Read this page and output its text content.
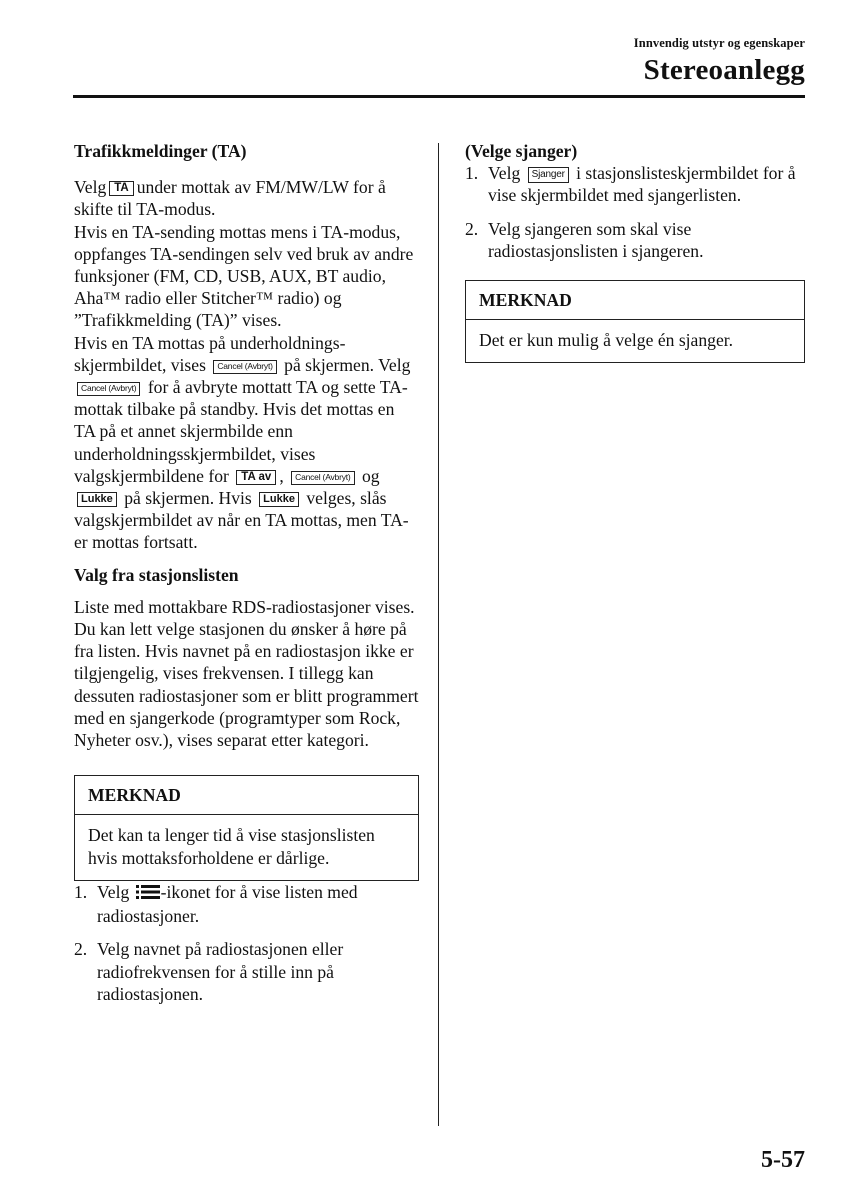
Innvendig utstyr og egenskaper
Stereoanlegg
Trafikkmeldinger (TA)

Velg TA under mottak av FM/MW/LW for å skifte til TA-modus.

Hvis en TA-sending mottas mens i TA-modus, oppfanges TA-sendingen selv ved bruk av andre funksjoner (FM, CD, USB, AUX, BT audio, Aha™ radio eller Stitcher™ radio) og ”Trafikkmelding (TA)” vises.

Hvis en TA mottas på underholdnings-skjermbildet, vises Cancel (Avbryt) på skjermen. Velg Cancel (Avbryt) for å avbryte mottatt TA og sette TA-mottak tilbake på standby. Hvis det mottas en TA på et annet skjermbilde enn underholdningsskjermbildet, vises valgskjermbildene for TA av , Cancel (Avbryt) og Lukke på skjermen. Hvis Lukke velges, slås valgskjermbildet av når en TA mottas, men TA-er mottas fortsatt.

Valg fra stasjonslisten

Liste med mottakbare RDS-radiostasjoner vises. Du kan lett velge stasjonen du ønsker å høre på fra listen. Hvis navnet på en radiostasjon ikke er tilgjengelig, vises frekvensen. I tillegg kan dessuten radiostasjoner som er blitt programmert med en sjangerkode (programtyper som Rock, Nyheter osv.), vises separat etter kategori.

MERKNAD
Det kan ta lenger tid å vise stasjonslisten hvis mottaksforholdene er dårlige.
1. Velg -ikonet for å vise listen med radiostasjoner.
2. Velg navnet på radiostasjonen eller radiofrekvensen for å stille inn på radiostasjonen.
(Velge sjanger)
1. Velg Sjanger i stasjonslisteskjermbildet for å vise skjermbildet med sjangerlisten.
2. Velg sjangeren som skal vise radiostasjonslisten i sjangeren.
MERKNAD
Det er kun mulig å velge én sjanger.
5-57
